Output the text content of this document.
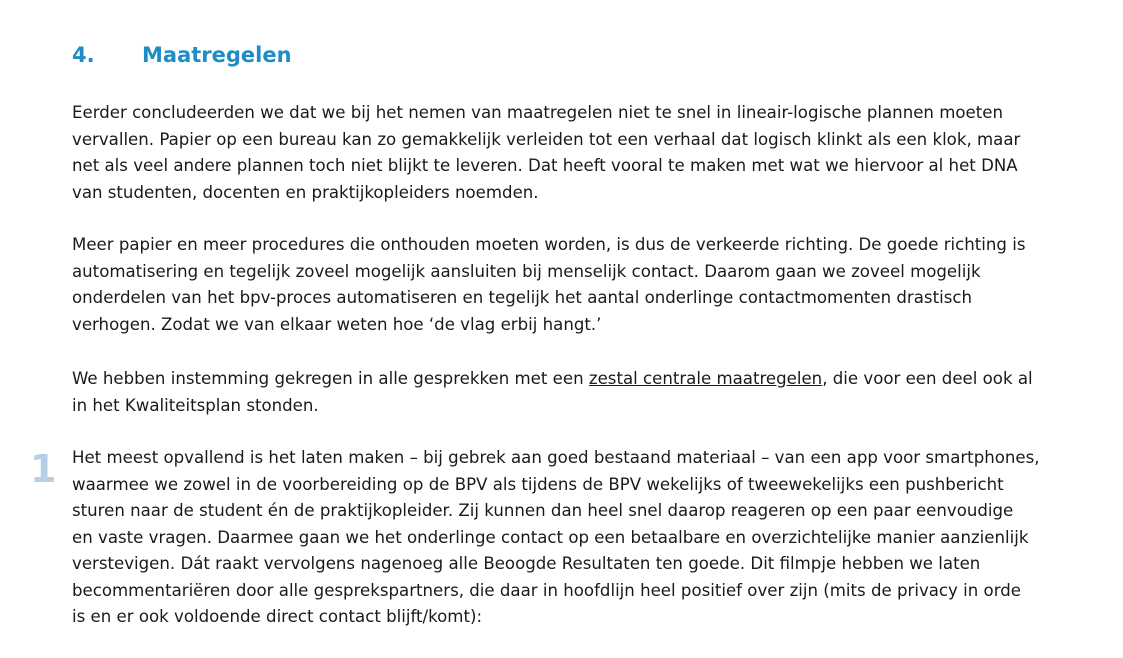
4. Maatregelen

Eerder concludeerden we dat we bij het nemen van maatregelen niet te snel in lineair-logische plannen moeten
vervallen. Papier op een bureau kan zo gemakkelijk verleiden tot een verhaal dat logisch klinkt als een klok, maar
net als veel andere plannen toch niet blijkt te leveren. Dat heeft vooral te maken met wat we hiervoor al het DNA
van studenten, docenten en praktijkopleiders noemden.

Meer papier en meer procedures die onthouden moeten worden, is dus de verkeerde richting. De goede richting is
automatisering en tegelijk zoveel mogelijk aansluiten bij menselijk contact. Daarom gaan we zoveel mogelijk
onderdelen van het bpv-proces automatiseren en tegelijk het aantal onderlinge contactmomenten drastisch
verhogen. Zodat we van elkaar weten hoe ‘de vlag erbij hangt.’

We hebben instemming gekregen in alle gesprekken met een zestal centrale maatregelen, die voor een deel ook al
in het Kwaliteitsplan stonden.

1 Het meest opvallend is het laten maken – bij gebrek aan goed bestaand materiaal – van een app voor smartphones,
waarmee we zowel in de voorbereiding op de BPV als tijdens de BPV wekelijks of tweewekelijks een pushbericht
sturen naar de student én de praktijkopleider. Zij kunnen dan heel snel daarop reageren op een paar eenvoudige
en vaste vragen. Daarmee gaan we het onderlinge contact op een betaalbare en overzichtelijke manier aanzienlijk
verstevigen. Dát raakt vervolgens nagenoeg alle Beoogde Resultaten ten goede. Dit filmpje hebben we laten
becommentariëren door alle gesprekspartners, die daar in hoofdlijn heel positief over zijn (mits de privacy in orde
is en er ook voldoende direct contact blijft/komt):
